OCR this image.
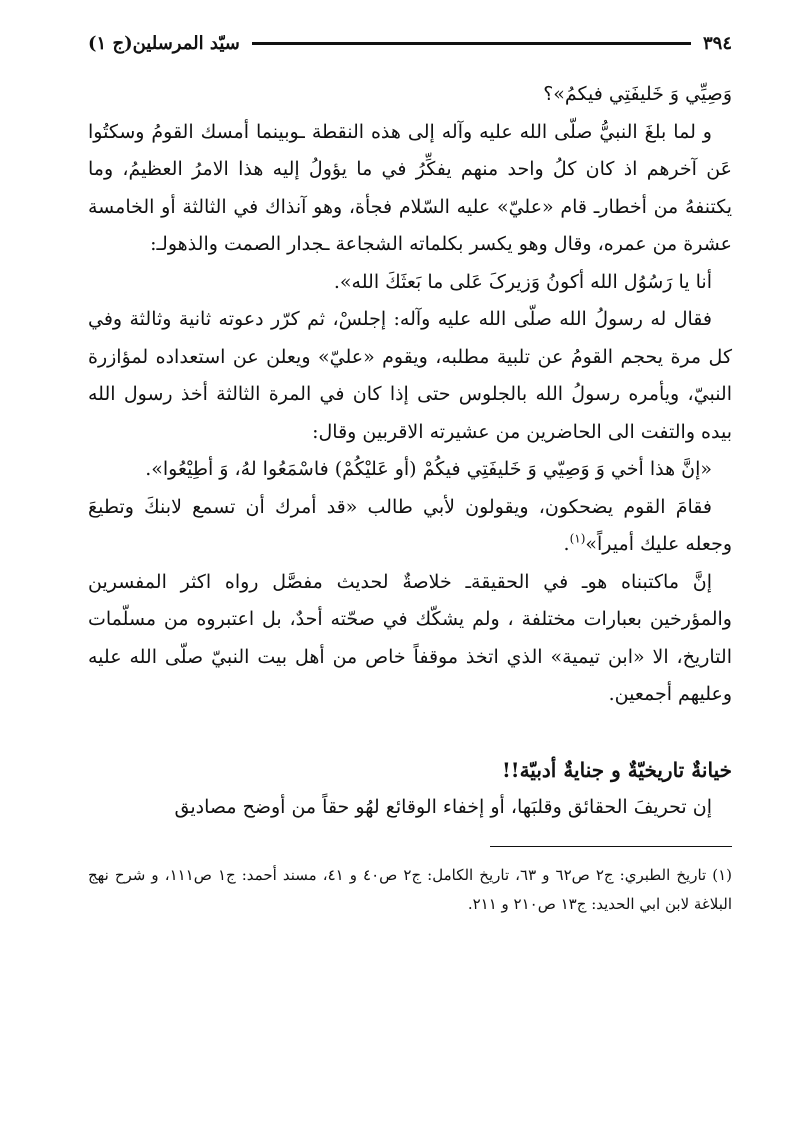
٣٩٤
سيّد المرسلين(ج ١)

وَصِيِّي وَ خَليفَتِي فيكمُ»؟

و لما بلغَ النبيُّ صلّى الله عليه وآله إلى هذه النقطة ـوبينما أمسك القومُ وسكتُوا عَن آخرهم اذ كان كلُ واحد منهم يفكِّرُ في ما يؤولُ إليه هذا الامرُ العظيمُ، وما يكتنفهُ من أخطارـ قام «عليّ» عليه السّلام فجأة، وهو آنذاك في الثالثة أو الخامسة عشرة من عمره، وقال وهو يكسر بكلماته الشجاعة ـجدار الصمت والذهولـ:

أنا يا رَسُوُل الله أكونُ وَزيرکَ عَلى ما بَعثَكَ الله».

فقال له رسولُ الله صلّى الله عليه وآله: إجلسْ، ثم كرّر دعوته ثانية وثالثة وفي كل مرة يحجم القومُ عن تلبية مطلبه، ويقوم «عليّ» ويعلن عن استعداده لمؤازرة النبيّ، ويأمره رسولُ الله بالجلوس حتى إذا كان في المرة الثالثة أخذ رسول الله بيده والتفت الى الحاضرين من عشيرته الاقربين وقال:

«إنَّ هذا أخي وَ وَصِيّي وَ خَليفَتِي فيكُمْ (أو عَليْكُمْ) فاسْمَعُوا لهُ، وَ أطِيْعُوا».

فقامَ القوم يضحكون، ويقولون لأبي طالب «قد أمرك أن تسمع لابنكَ وتطيعَ وجعله عليك أميراً»$^{(١)}$.

إنَّ ماكتبناه هوـ في الحقيقةـ خلاصةٌ لحديث مفصَّل رواه اكثر المفسرين والمؤرخين بعبارات مختلفة ، ولم يشكّك في صحّته أحدٌ، بل اعتبروه من مسلّمات التاريخ، الا «ابن تيمية» الذي اتخذ موقفاً خاص من أهل بيت النبيّ صلّى الله عليه وعليهم أجمعين.

خيانةٌ تاريخيّةٌ و جنايةٌ أدبيّة!!

إن تحريفَ الحقائق وقلبَها، أو إخفاء الوقائع لهُو حقاً من أوضح مصاديق

(١) تاريخ الطبري: ج٢ ص٦٢ و ٦٣، تاريخ الكامل: ج٢ ص٤٠ و ٤١، مسند أحمد: ج١ ص١١١، و شرح نهج البلاغة لابن ابي الحديد: ج١٣ ص٢١٠ و ٢١١.
